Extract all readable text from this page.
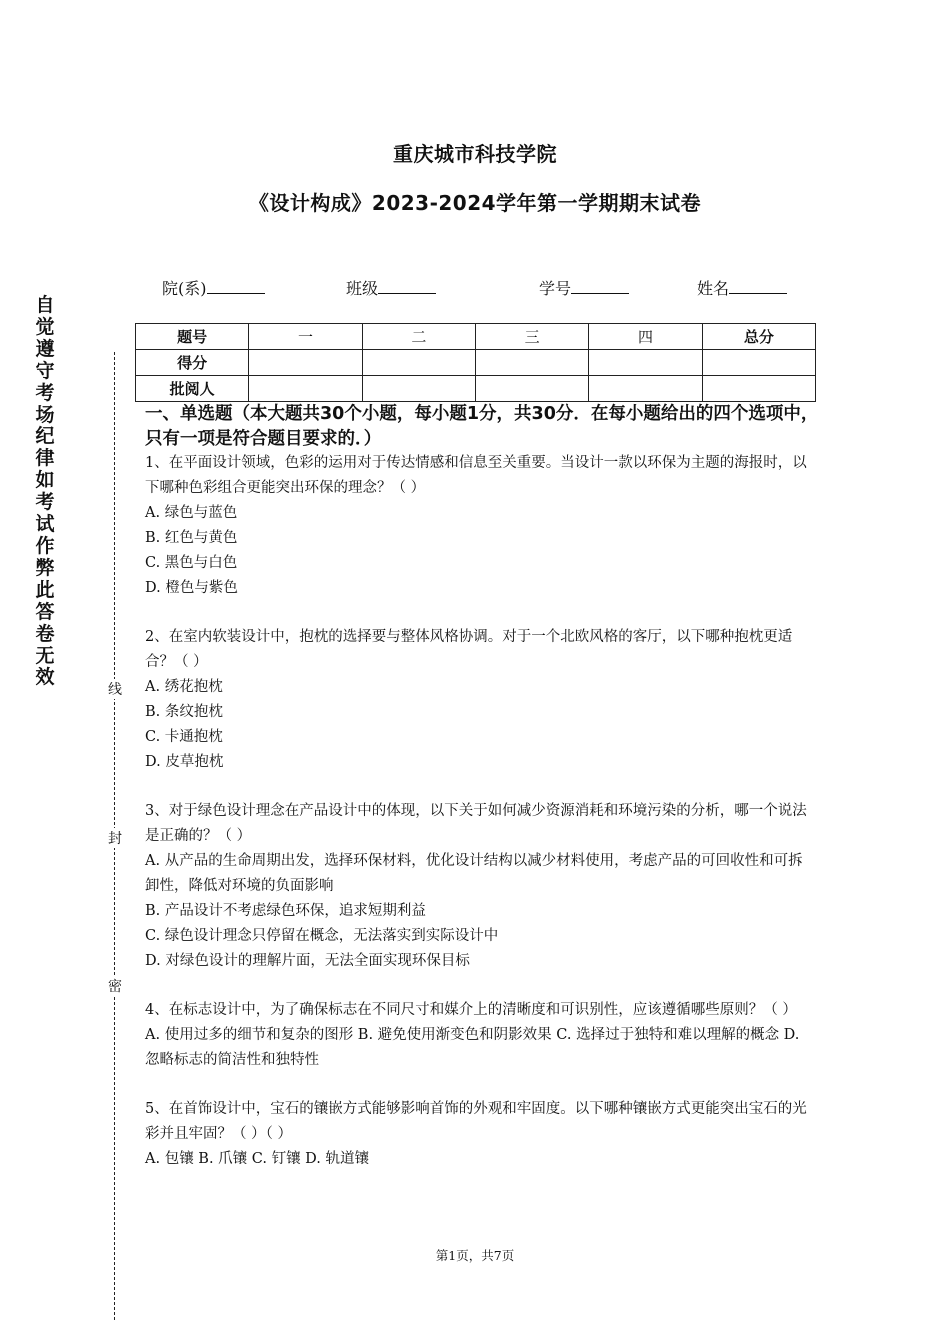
重庆城市科技学院
《设计构成》2023-2024学年第一学期期末试卷
自觉遵守考场纪律如考试作弊此答卷无效
线
封
密
院(系)	班级	学号	姓名
题号	一	二	三	四	总分
得分					
批阅人					
一、单选题（本大题共30个小题，每小题1分，共30分．在每小题给出的四个选项中，只有一项是符合题目要求的．）

1、在平面设计领域，色彩的运用对于传达情感和信息至关重要。当设计一款以环保为主题的海报时，以下哪种色彩组合更能突出环保的理念？（ ）

A. 绿色与蓝色

B. 红色与黄色

C. 黑色与白色

D. 橙色与紫色

2、在室内软装设计中，抱枕的选择要与整体风格协调。对于一个北欧风格的客厅，以下哪种抱枕更适合？（ ）

A. 绣花抱枕

B. 条纹抱枕

C. 卡通抱枕

D. 皮草抱枕

3、对于绿色设计理念在产品设计中的体现，以下关于如何减少资源消耗和环境污染的分析，哪一个说法是正确的？（ ）

A. 从产品的生命周期出发，选择环保材料，优化设计结构以减少材料使用，考虑产品的可回收性和可拆卸性，降低对环境的负面影响

B. 产品设计不考虑绿色环保，追求短期利益

C. 绿色设计理念只停留在概念，无法落实到实际设计中

D. 对绿色设计的理解片面，无法全面实现环保目标

4、在标志设计中，为了确保标志在不同尺寸和媒介上的清晰度和可识别性，应该遵循哪些原则？（ ）

A. 使用过多的细节和复杂的图形 B. 避免使用渐变色和阴影效果 C. 选择过于独特和难以理解的概念 D. 忽略标志的简洁性和独特性

5、在首饰设计中，宝石的镶嵌方式能够影响首饰的外观和牢固度。以下哪种镶嵌方式更能突出宝石的光彩并且牢固？（ ）（ ）

A. 包镶 B. 爪镶 C. 钉镶 D. 轨道镶

第1页，共7页
